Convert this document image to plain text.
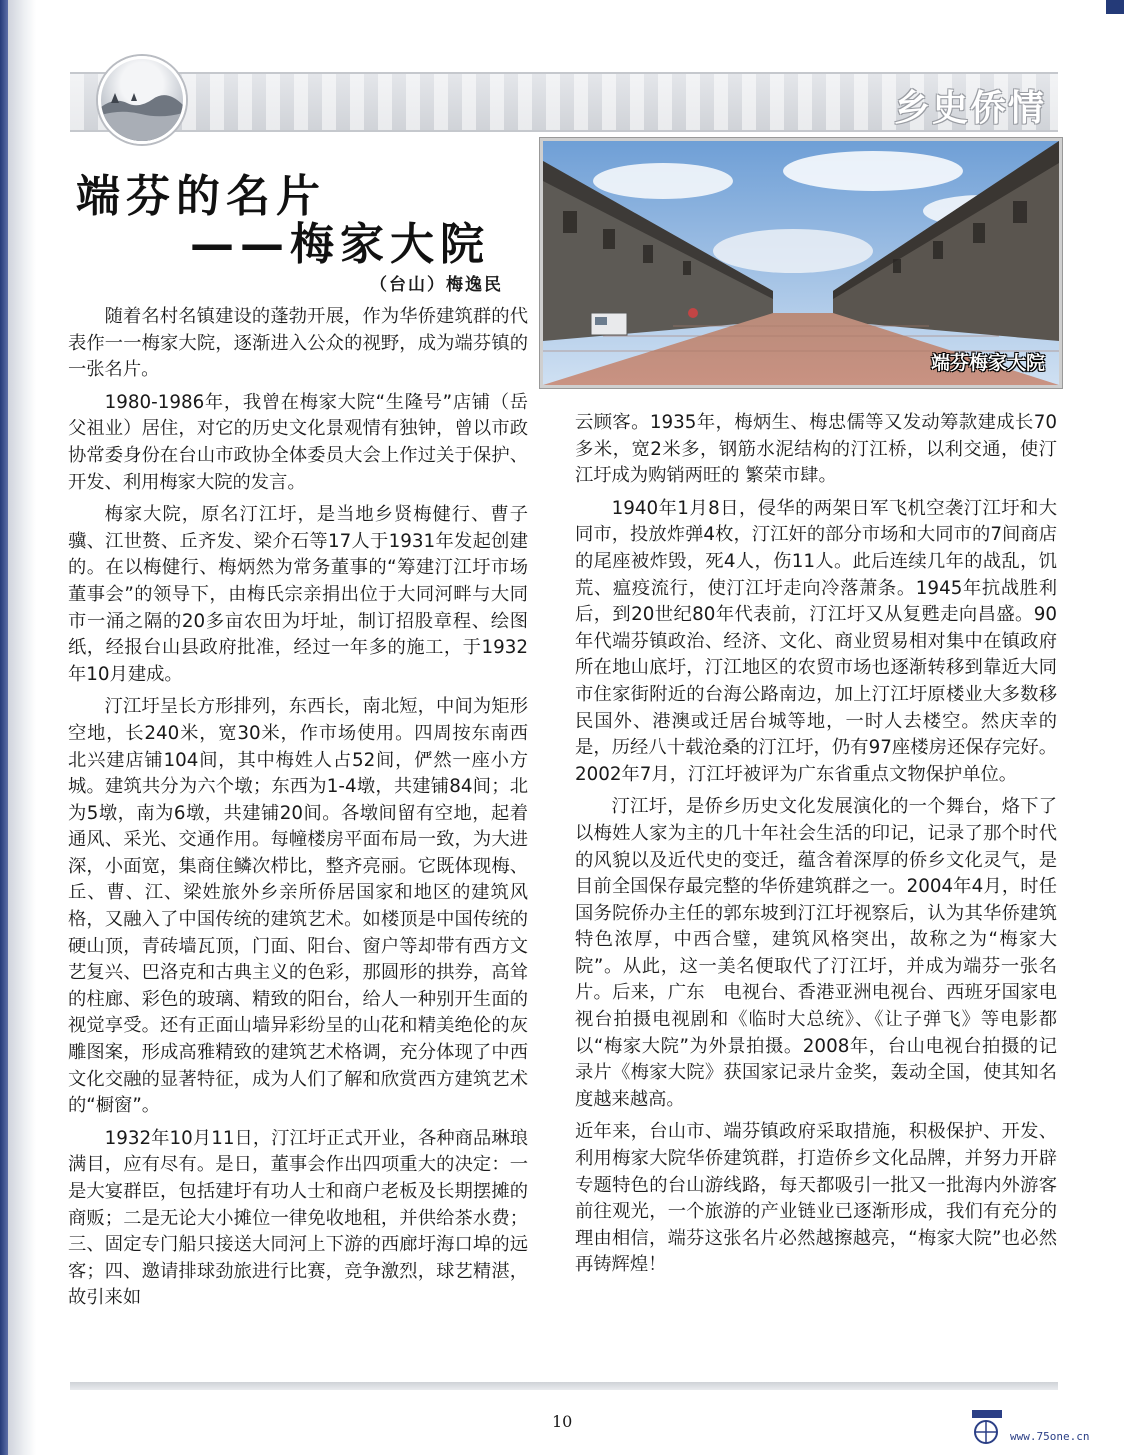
乡史侨情
端芬的名片
——梅家大院
（台山）梅逸民
端芬梅家大院

随着名村名镇建设的蓬勃开展，作为华侨建筑群的代表作一一梅家大院，逐渐进入公众的视野，成为端芬镇的一张名片。

1980-1986年，我曾在梅家大院“生隆号”店铺（岳父祖业）居住，对它的历史文化景观情有独钟，曾以市政协常委身份在台山市政协全体委员大会上作过关于保护、开发、利用梅家大院的发言。

梅家大院，原名汀江圩，是当地乡贤梅健行、曹子骥、江世赘、丘齐发、梁介石等17人于1931年发起创建的。在以梅健行、梅炳然为常务董事的“筹建汀江圩市场董事会”的领导下，由梅氏宗亲捐出位于大同河畔与大同市一涌之隔的20多亩农田为圩址，制订招股章程、绘图纸，经报台山县政府批准，经过一年多的施工，于1932年10月建成。

汀江圩呈长方形排列，东西长，南北短，中间为矩形空地，长240米，宽30米，作市场使用。四周按东南西北兴建店铺104间，其中梅姓人占52间，俨然一座小方城。建筑共分为六个墩；东西为1-4墩，共建铺84间；北为5墩，南为6墩，共建铺20间。各墩间留有空地，起着通风、采光、交通作用。每幢楼房平面布局一致，为大进深，小面宽，集商住鳞次栉比，整齐亮丽。它既体现梅、丘、曹、江、梁姓旅外乡亲所侨居国家和地区的建筑风格，又融入了中国传统的建筑艺术。如楼顶是中国传统的硬山顶，青砖墙瓦顶，门面、阳台、窗户等却带有西方文艺复兴、巴洛克和古典主义的色彩，那圆形的拱券，高耸的柱廊、彩色的玻璃、精致的阳台，给人一种别开生面的视觉享受。还有正面山墙异彩纷呈的山花和精美绝伦的灰雕图案，形成高雅精致的建筑艺术格调，充分体现了中西文化交融的显著特征，成为人们了解和欣赏西方建筑艺术的“橱窗”。

1932年10月11日，汀江圩正式开业，各种商品琳琅满目，应有尽有。是日，董事会作出四项重大的决定：一是大宴群臣，包括建圩有功人士和商户老板及长期摆摊的商贩；二是无论大小摊位一律免收地租，并供给茶水费；三、固定专门船只接送大同河上下游的西廊圩海口埠的远客；四、邀请排球劲旅进行比赛，竞争激烈，球艺精湛，故引来如

云顾客。1935年，梅炳生、梅忠儒等又发动筹款建成长70多米，宽2米多，钢筋水泥结构的汀江桥，以利交通，使汀江圩成为购销两旺的 繁荣市肆。

1940年1月8日，侵华的两架日军飞机空袭汀江圩和大同市，投放炸弹4枚，汀江奸的部分市场和大同市的7间商店的尾座被炸毁，死4人，伤11人。此后连续几年的战乱，饥荒、瘟疫流行，使汀江圩走向冷落萧条。1945年抗战胜利后，到20世纪80年代表前，汀江圩又从复甦走向昌盛。90年代端芬镇政治、经济、文化、商业贸易相对集中在镇政府所在地山底圩，汀江地区的农贸市场也逐渐转移到靠近大同市住家街附近的台海公路南边，加上汀江圩原楼业大多数移民国外、港澳或迁居台城等地，一时人去楼空。然庆幸的是，历经八十载沧桑的汀江圩，仍有97座楼房还保存完好。2002年7月，汀江圩被评为广东省重点文物保护单位。

汀江圩，是侨乡历史文化发展演化的一个舞台，烙下了以梅姓人家为主的几十年社会生活的印记，记录了那个时代的风貌以及近代史的变迁，蕴含着深厚的侨乡文化灵气，是目前全国保存最完整的华侨建筑群之一。2004年4月，时任国务院侨办主任的郭东坡到汀江圩视察后，认为其华侨建筑特色浓厚，中西合璧，建筑风格突出，故称之为“梅家大院”。从此，这一美名便取代了汀江圩，并成为端芬一张名片。后来，广东　电视台、香港亚洲电视台、西班牙国家电视台拍摄电视剧和《临时大总统》、《让子弹飞》等电影都以“梅家大院”为外景拍摄。2008年，台山电视台拍摄的记录片《梅家大院》获国家记录片金奖，轰动全国，使其知名度越来越高。

近年来，台山市、端芬镇政府采取措施，积极保护、开发、利用梅家大院华侨建筑群，打造侨乡文化品牌，并努力开辟专题特色的台山游线路，每天都吸引一批又一批海内外游客前往观光，一个旅游的产业链业已逐渐形成，我们有充分的理由相信，端芬这张名片必然越擦越亮，“梅家大院”也必然再铸辉煌！

10
www.75one.cn
